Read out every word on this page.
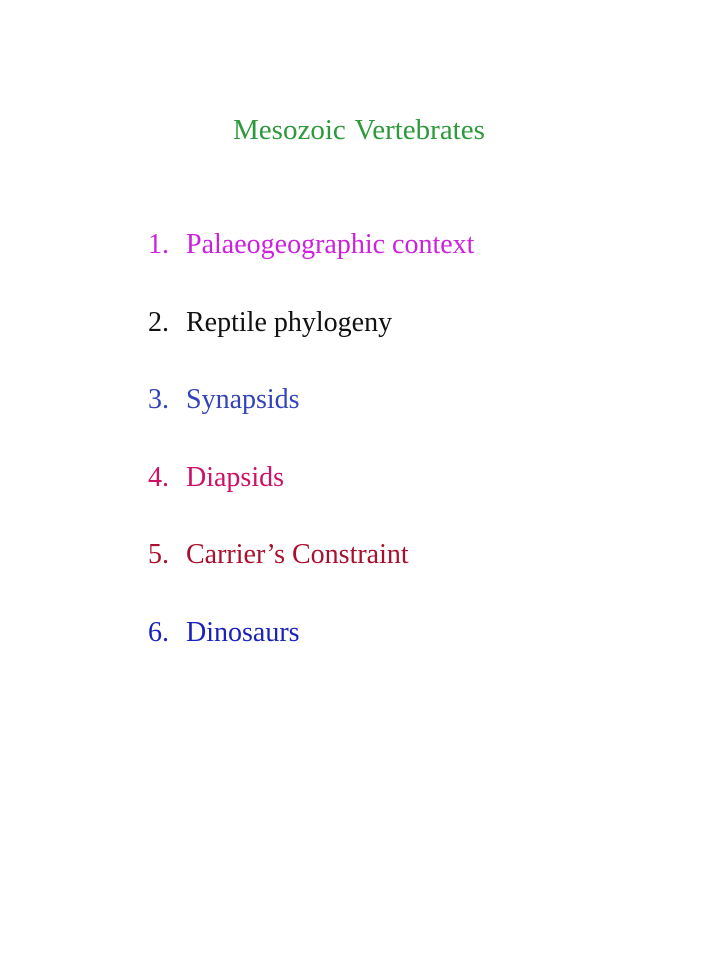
Mesozoic Vertebrates
1. Palaeogeographic context
2. Reptile phylogeny
3. Synapsids
4. Diapsids
5. Carrier’s Constraint
6. Dinosaurs
